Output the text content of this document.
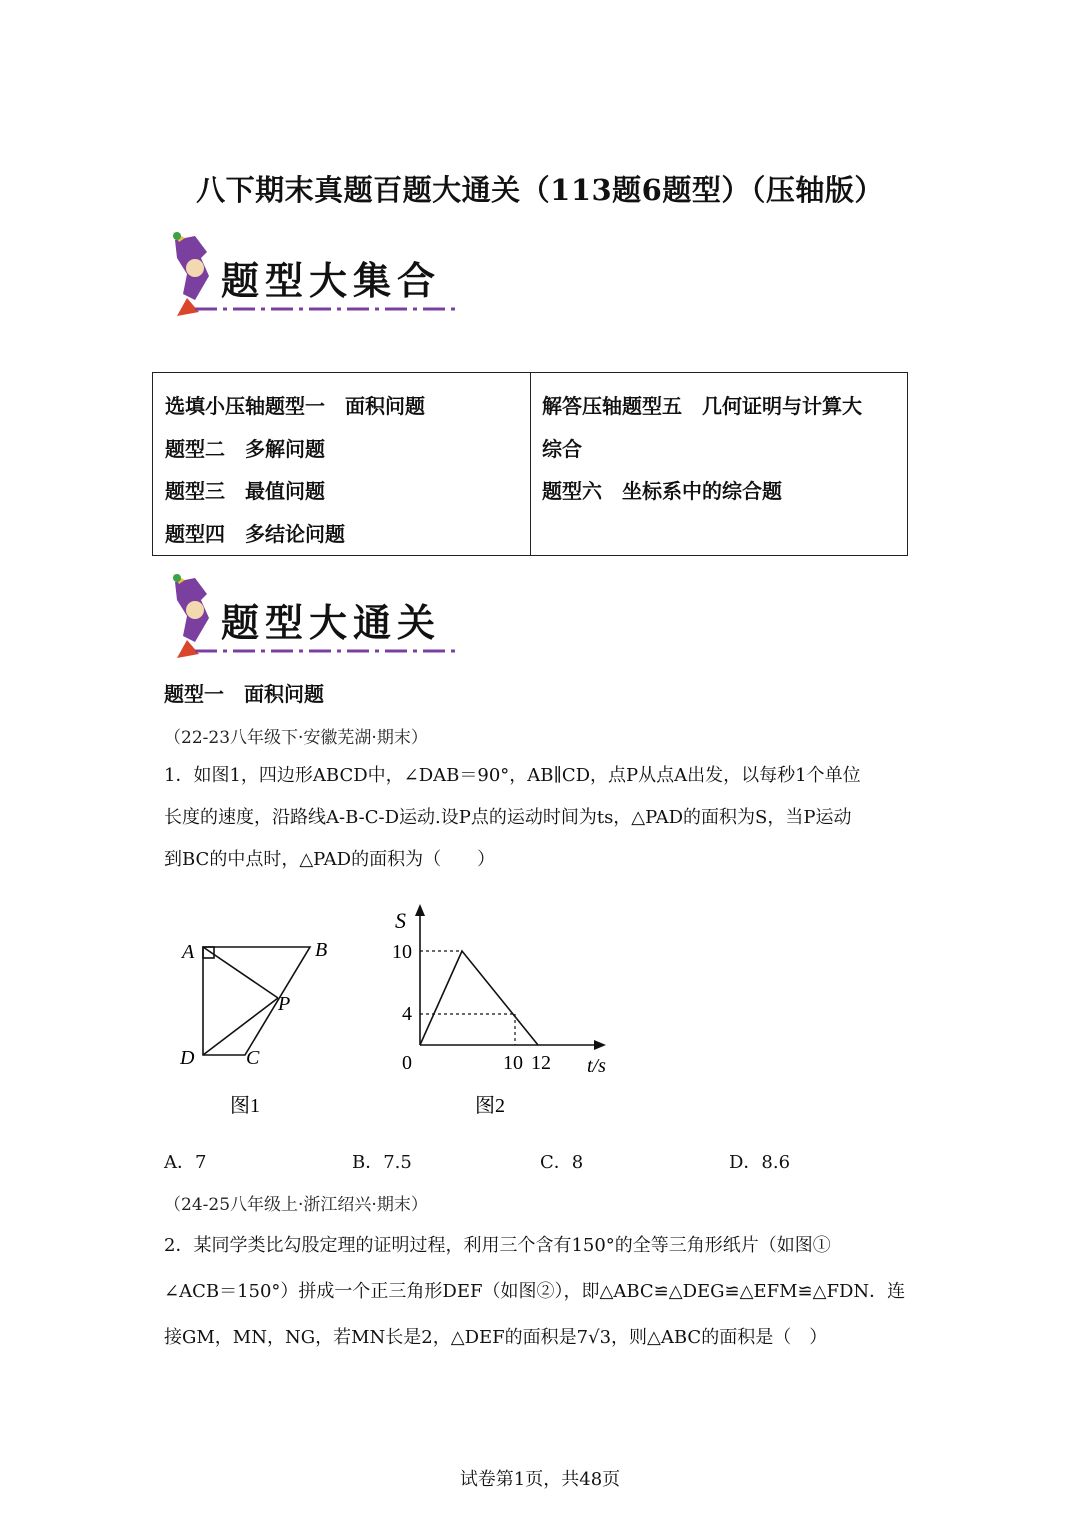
八下期末真题百题大通关（113题6题型）（压轴版）
题型大集合
选填小压轴题型一　面积问题
题型二　多解问题
题型三　最值问题
题型四　多结论问题
解答压轴题型五　几何证明与计算大
综合
题型六　坐标系中的综合题
题型大通关
题型一　面积问题
（22-23八年级下·安徽芜湖·期末）
1．如图1，四边形ABCD中，∠DAB＝90°，AB∥CD，点P从点A出发，以每秒1个单位
长度的速度，沿路线A-B-C-D运动.设P点的运动时间为ts，△PAD的面积为S，当P运动
到BC的中点时，△PAD的面积为（　　）
A	B
C
D
P
图1
S
10
4
0	10 12 t/s
图2
A．7	B．7.5	C．8	D．8.6
（24-25八年级上·浙江绍兴·期末）
2．某同学类比勾股定理的证明过程，利用三个含有150°的全等三角形纸片（如图①
∠ACB＝150°）拼成一个正三角形DEF（如图②），即△ABC≌△DEG≌△EFM≌△FDN．连
接GM，MN，NG，若MN长是2，△DEF的面积是7√3，则△ABC的面积是（　）
试卷第1页，共48页
